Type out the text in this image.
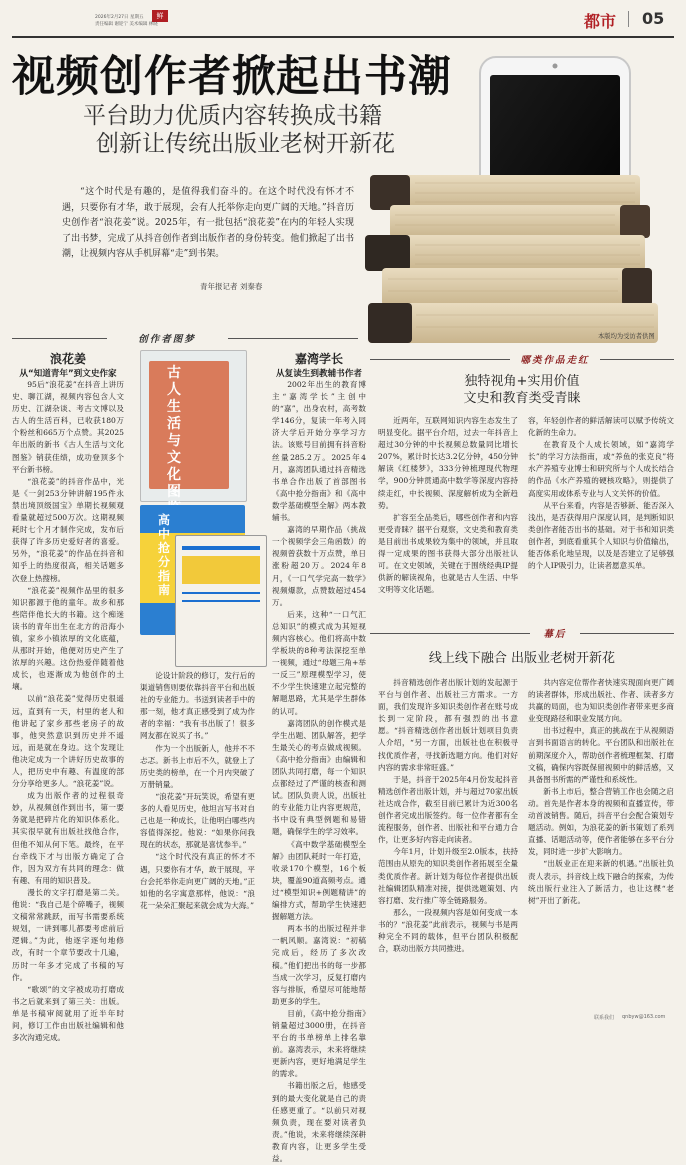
2026年2月27日 星期五
责任编辑 谢迎宁 美术编辑 林晓
鲜	都市 05
视频创作者掀起出书潮
平台助力优质内容转换成书籍
创新让传统出版业老树开新花
“这个时代是有趣的，是值得我们奋斗的。在这个时代没有怀才不遇，只要你有才华，敢于展现，会有人托举你走向更广阔的天地。”抖音历史创作者“浪花姜”说。2025年，有一批包括“浪花姜”在内的年轻人实现了出书梦，完成了从抖音创作者到出版作者的身份转变。他们掀起了出书潮，让视频内容从手机屏幕“走”到书架。
青年报记者 刘秦春
本版均为受访者供图
创作者图梦
浪花姜
从“知道青年”到文史作家

95后“浪花姜”在抖音上讲历史、聊江湖，视频内容包含人文历史、江湖杂谈、考古文博以及古人的生活百科，已收获180万个粉丝和665万个点赞。其2025年出版的新书《古人生活与文化图鉴》销获佳绩，成功登顶多个平台新书榜。

“浪花姜”的抖音作品中，光是《一剑253分钟讲解195件永禁出境顶级国宝》单期长视频观看量就超过500万次。这期视频耗时七个月才制作完成，发布后获得了许多历史爱好者的喜爱。另外，“浪花姜”的作品在抖音和知乎上的热度很高，相关话题多次登上热搜榜。

“浪花姜”视频作品里的很多知识都源于他的童年。故乡和那些陪伴他长大的书籍。这个痴迷读书的青年出生在北方的沿海小镇，家乡小镇浓厚的文化底蕴，从那时开始，他便对历史产生了浓厚的兴趣。这份热爱伴随着他成长，也逐渐成为他创作的土壤。

以前“浪花姜”觉得历史很遥远，直到有一天，村里的老人和他讲起了家乡那些老房子的故事，他突然意识到历史并不遥远，而是就在身边。这个发现让他决定成为一个讲好历史故事的人，把历史中有趣、有温度的部分分享给更多人。“浪花姜”说。

成为出版作者的过程很奇妙，从视频创作到出书，第一要务就是把碎片化的知识体系化。其实很早就有出版社找他合作，但他不知从何下笔。最终，在平台牵线下才与出版方确定了合作，因为双方有共同的理念：做有趣、有用的知识普及。

漫长的文字打磨是第二关。他说：“我自己是个碎嘴子，视频文稿常常跳跃，而写书需要系统规划，一讲到哪儿都要考虑前后逻辑。”为此，他逐字逐句地修改，有时一个章节要改十几遍，历时一年多才完成了书稿的写作。

“歌颂”的文字被成功打磨成书之后就来到了第三关：出版。单是书稿审阅就用了近半年时间，修订工作由出版社编辑和他多次沟通完成。

古人生活与文化图
高中抢分指南

论设计阶段的修订，发行后的渠道销售则要依靠抖音平台和出版社的专业能力。书送到读者手中的那一刻，他才真正感受到了成为作者的幸福：“我有书出版了！很多网友都在说买了书。”

作为一个出版新人，他并不不忐忑。新书上市后不久，就登上了历史类的榜单，在一个月内突破了万册销量。

“浪花姜”开玩笑说，希望有更多的人看见历史，他坦言写书对自己也是一种成长，让他明白哪些内容值得深挖。他说：“如果你问我现在的状态，那就是喜忧参半。”

“这个时代没有真正的怀才不遇，只要你有才华，敢于展现，平台会托举你走向更广阔的天地。”正如他的名字寓意那样，他说：“浪花一朵朵汇聚起来就会成为大海。”

嘉湾学长
从复读生到教辅书作者

2002年出生的教育博主“嘉湾学长”主创中的“嘉”，出身农村，高考数学146分，复读一年考入同济大学后开始分享学习方法。该账号目前拥有抖音粉丝量285.2万。2025年4月，嘉湾团队通过抖音精选书单合作出版了首部图书《高中抢分指南》和《高中数学基础模型全解》两本教辅书。

嘉湾的早期作品（挑战一个视频学会三角函数）的视频曾获数十万点赞，单日涨粉超20万。2024年8月，《一口气学完高一数学》视频爆款，点赞数超过454万。

后来，这种“一口气汇总知识”的模式成为其短视频内容核心。他们将高中数学板块的8种考法深挖至单一视频，通过“母题三角+举一反三”原理模型学习，使不少学生快速建立起完整的解题思路，尤其是学生群体的认可。

嘉湾团队的创作模式是学生出题、团队解答，把学生最关心的考点做成视频。《高中抢分指南》由编辑和团队共同打磨，每一个知识点都经过了严谨的核查和测试。团队负责人说，出版社的专业能力让内容更规范，书中设有典型例题和易错题，确保学生的学习效率。

《高中数学基础模型全解》由团队耗时一年打造，收录170个模型，16个板块，覆盖90道高频考点。通过“模型知识+例题精讲”的编排方式，帮助学生快速把握解题方法。

两本书的出版过程并非一帆风顺。嘉湾说：“初稿完成后，经历了多次改稿。”他们把出书的每一步都当成一次学习，反复打磨内容与排版，希望尽可能地帮助更多的学生。

目前，《高中抢分指南》销量超过3000册，在抖音平台的书单榜单上排名靠前。嘉湾表示，未来将继续更新内容，更好地满足学生的需求。

书籍出版之后，他感受到的最大变化就是自己的责任感更重了。“以前只对视频负责，现在要对读者负责。”他说，未来将继续深耕教育内容，让更多学生受益。

哪类作品走红
独特视角+实用价值
文史和教育类受青睐

近两年，互联网知识内容生态发生了明显变化。据平台介绍，过去一年抖音上超过30分钟的中长视频总数量同比增长207%，累计时长达3.2亿分钟，450分钟解读《红楼梦》，333分钟梳理现代物理学，900分钟贯通高中数学等深度内容持续走红，中长视频、深度解析成为全新趋势。

扩容至全品类后，哪些创作者和内容更受青睐？据平台观察，文史类和教育类是目前出书成果较为集中的领域，并且取得一定成果的图书获得大部分出版社认可。在文史领域，关键在于围绕经典IP提供新的解读视角，也就是古人生活、中华文明等文化话题。

容，年轻创作者的鲜活解读可以赋予传统文化新的生命力。

在教育及个人成长领域，如“嘉湾学长”的学习方法指南，或“养鱼的张克良”将水产养殖专业博士和研究所与个人成长结合的作品《水产养殖的硬核攻略》，则提供了高度实用或体系专业与人文关怀的价值。

从平台来看，内容是否够新、能否深入浅出，是否获得用户深度认同，是判断知识类创作者能否出书的基础。对于书和知识类创作者，到底看重其个人知识与价值输出，能否体系化地呈现，以及是否建立了足够强的个人IP吸引力，让读者愿意买单。

幕后
线上线下融合 出版业老树开新花

抖音精选创作者出版计划的发起源于平台与创作者、出版社三方需求。一方面，我们发现许多知识类创作者在账号成长到一定阶段，都有强烈的出书意愿。“抖音精选创作者出版计划项目负责人介绍，“另一方面，出版社也在积极寻找优质作者，寻找新选题方向。他们对好内容的需求非常旺盛。”

于是，抖音于2025年4月份发起抖音精选创作者出版计划，并与超过70家出版社达成合作，截至目前已累计为近300名创作者完成出版签约。每一位作者都有全流程服务，创作者、出版社和平台通力合作，让更多好内容走向读者。

今年1月，计划升级至2.0版本，扶持范围由从原先的知识类创作者拓展至全量类优质作者。新计划为每位作者提供出版社编辑团队精准对接，提供选题策划、内容打磨、发行推广等全链路服务。

那么，一段视频内容是如何变成一本书的？“浪花姜”此前表示，视频与书是两种完全不同的载体，但平台团队积极配合，联动出版方共同推进。

共内容定位帮作者快速实现面向更广阔的读者群体，形成出版社、作者、读者多方共赢的局面，也为知识类创作者带来更多商业变现路径和职业发展方向。

出书过程中，真正的挑战在于从视频语言到书面语言的转化。平台团队和出版社在前期深度介入，帮助创作者梳理框架、打磨文稿，确保内容既保留视频中的鲜活感，又具备图书所需的严谨性和系统性。

新书上市后，整合营销工作也会随之启动。首先是作者本身的视频和直播宣传，带动首波销售。随后，抖音平台会配合策划专题活动。例如，为浪花姜的新书策划了系列直播、话题活动等，使作者能够在多平台分发，同时进一步扩大影响力。

“出版业正在迎来新的机遇。”出版社负责人表示，抖音线上线下融合的探索，为传统出版行业注入了新活力，也让这棵“老树”开出了新花。

联系我们 qnbyw@163.com
